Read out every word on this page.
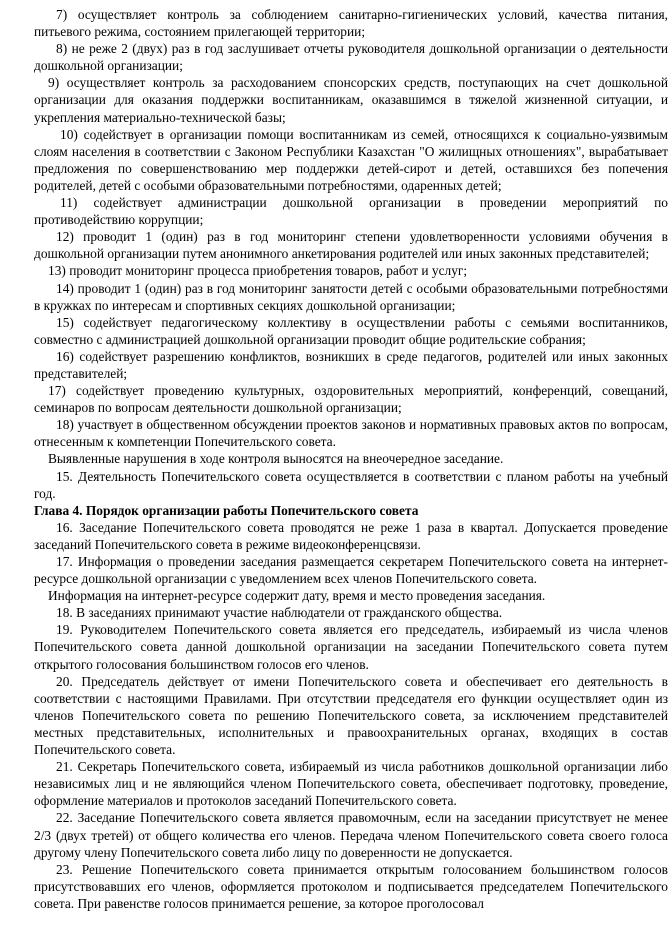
7) осуществляет контроль за соблюдением санитарно-гигиенических условий, качества питания, питьевого режима, состоянием прилегающей территории;

8) не реже 2 (двух) раз в год заслушивает отчеты руководителя дошкольной организации о деятельности дошкольной организации;

9) осуществляет контроль за расходованием спонсорских средств, поступающих на счет дошкольной организации для оказания поддержки воспитанникам, оказавшимся в тяжелой жизненной ситуации, и укрепления материально-технической базы;

10) содействует в организации помощи воспитанникам из семей, относящихся к социально-уязвимым слоям населения в соответствии с Законом Республики Казахстан "О жилищных отношениях", вырабатывает предложения по совершенствованию мер поддержки детей-сирот и детей, оставшихся без попечения родителей, детей с особыми образовательными потребностями, одаренных детей;

11) содействует администрации дошкольной организации в проведении мероприятий по противодействию коррупции;

12) проводит 1 (один) раз в год мониторинг степени удовлетворенности условиями обучения в дошкольной организации путем анонимного анкетирования родителей или иных законных представителей;

13) проводит мониторинг процесса приобретения товаров, работ и услуг;

14) проводит 1 (один) раз в год мониторинг занятости детей с особыми образовательными потребностями в кружках по интересам и спортивных секциях дошкольной организации;

15) содействует педагогическому коллективу в осуществлении работы с семьями воспитанников, совместно с администрацией дошкольной организации проводит общие родительские собрания;

16) содействует разрешению конфликтов, возникших в среде педагогов, родителей или иных законных представителей;

17) содействует проведению культурных, оздоровительных мероприятий, конференций, совещаний, семинаров по вопросам деятельности дошкольной организации;

18) участвует в общественном обсуждении проектов законов и нормативных правовых актов по вопросам, отнесенным к компетенции Попечительского совета.

Выявленные нарушения в ходе контроля выносятся на внеочередное заседание.

15. Деятельность Попечительского совета осуществляется в соответствии с планом работы на учебный год.

Глава 4. Порядок организации работы Попечительского совета

16. Заседание Попечительского совета проводятся не реже 1 раза в квартал. Допускается проведение заседаний Попечительского совета в режиме видеоконференцсвязи.

17. Информация о проведении заседания размещается секретарем Попечительского совета на интернет-ресурсе дошкольной организации с уведомлением всех членов Попечительского совета.

Информация на интернет-ресурсе содержит дату, время и место проведения заседания.

18. В заседаниях принимают участие наблюдатели от гражданского общества.

19. Руководителем Попечительского совета является его председатель, избираемый из числа членов Попечительского совета данной дошкольной организации на заседании Попечительского совета путем открытого голосования большинством голосов его членов.

20. Председатель действует от имени Попечительского совета и обеспечивает его деятельность в соответствии с настоящими Правилами. При отсутствии председателя его функции осуществляет один из членов Попечительского совета по решению Попечительского совета, за исключением представителей местных представительных, исполнительных и правоохранительных органах, входящих в состав Попечительского совета.

21. Секретарь Попечительского совета, избираемый из числа работников дошкольной организации либо независимых лиц и не являющийся членом Попечительского совета, обеспечивает подготовку, проведение, оформление материалов и протоколов заседаний Попечительского совета.

22. Заседание Попечительского совета является правомочным, если на заседании присутствует не менее 2/3 (двух третей) от общего количества его членов. Передача членом Попечительского совета своего голоса другому члену Попечительского совета либо лицу по доверенности не допускается.

23. Решение Попечительского совета принимается открытым голосованием большинством голосов присутствовавших его членов, оформляется протоколом и подписывается председателем Попечительского совета. При равенстве голосов принимается решение, за которое проголосовал
